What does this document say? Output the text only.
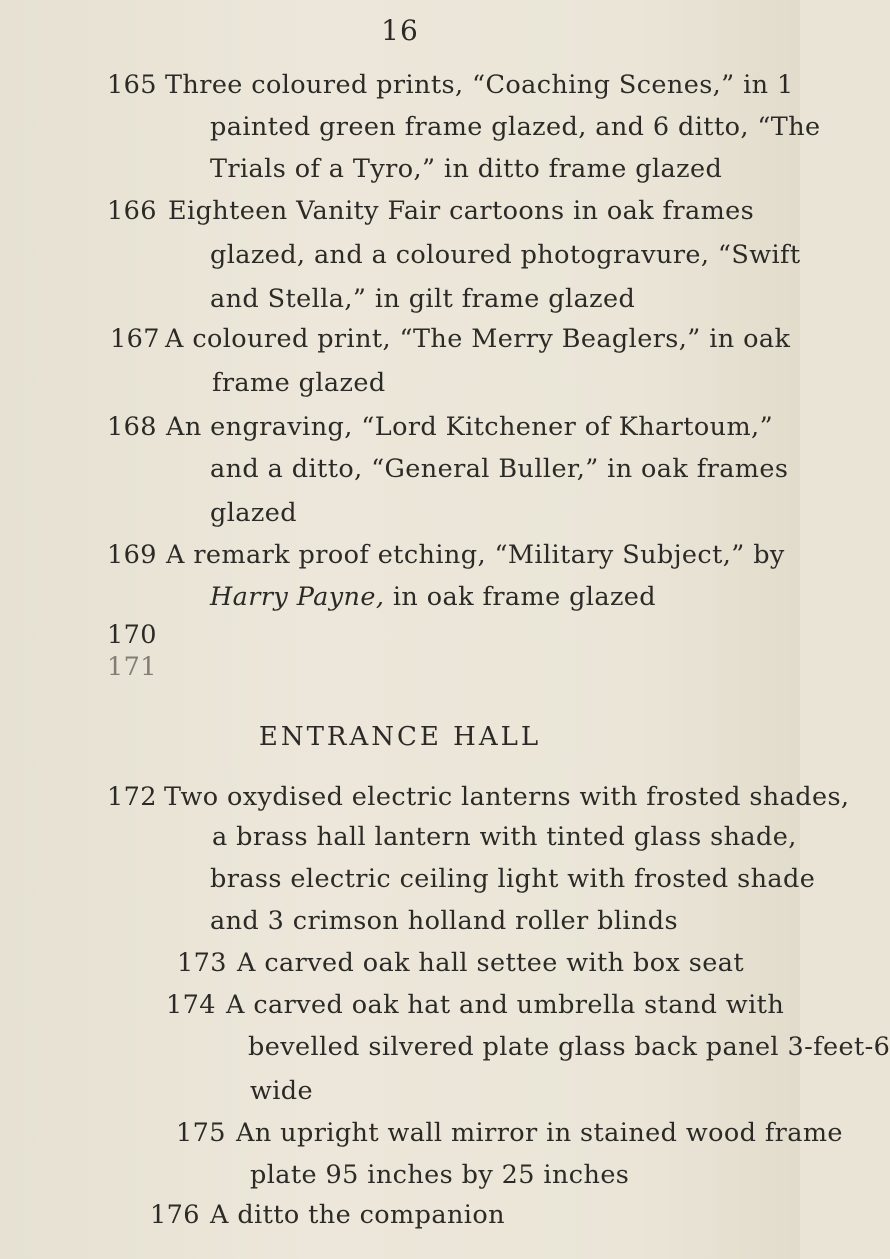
16
165 Three coloured prints, “Coaching Scenes,” in 1
painted green frame glazed, and 6 ditto, “The
Trials of a Tyro,” in ditto frame glazed
166 Eighteen Vanity Fair cartoons in oak frames
glazed, and a coloured photogravure, “Swift
and Stella,” in gilt frame glazed
167 A coloured print, “The Merry Beaglers,” in oak
frame glazed
168 An engraving, “Lord Kitchener of Khartoum,”
and a ditto, “General Buller,” in oak frames
glazed
169 A remark proof etching, “Military Subject,” by
Harry Payne, in oak frame glazed
170
171
ENTRANCE HALL
172 Two oxydised electric lanterns with frosted shades,
a brass hall lantern with tinted glass shade,
brass electric ceiling light with frosted shade
and 3 crimson holland roller blinds
173 A carved oak hall settee with box seat
174 A carved oak hat and umbrella stand with
bevelled silvered plate glass back panel 3-feet-6
wide
175 An upright wall mirror in stained wood frame
plate 95 inches by 25 inches
176 A ditto the companion
